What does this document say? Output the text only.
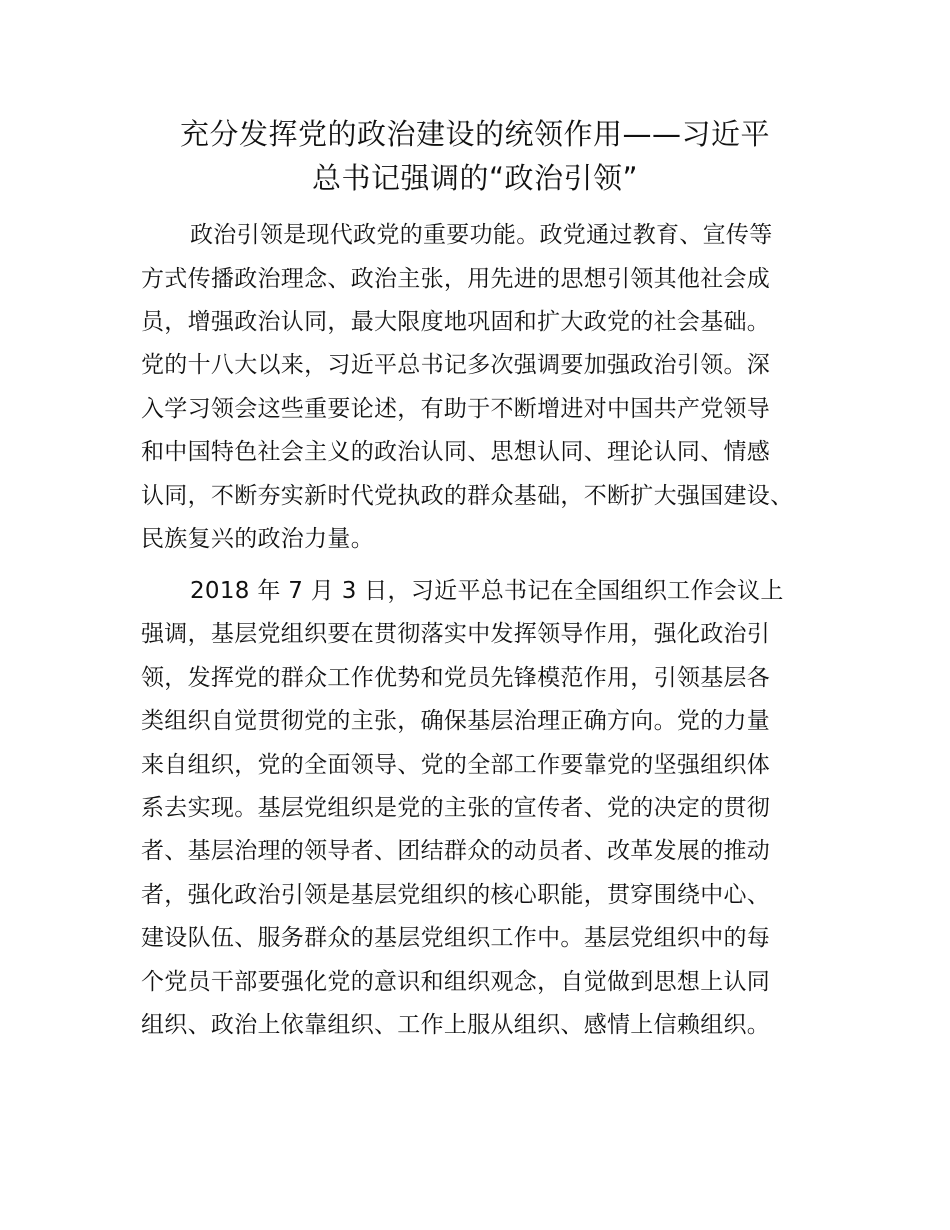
充分发挥党的政治建设的统领作用——习近平
总书记强调的“政治引领”

政治引领是现代政党的重要功能。政党通过教育、宣传等

方式传播政治理念、政治主张，用先进的思想引领其他社会成

员，增强政治认同，最大限度地巩固和扩大政党的社会基础。

党的十八大以来，习近平总书记多次强调要加强政治引领。深

入学习领会这些重要论述，有助于不断增进对中国共产党领导

和中国特色社会主义的政治认同、思想认同、理论认同、情感

认同，不断夯实新时代党执政的群众基础，不断扩大强国建设、

民族复兴的政治力量。

2018 年 7 月 3 日，习近平总书记在全国组织工作会议上

强调，基层党组织要在贯彻落实中发挥领导作用，强化政治引

领，发挥党的群众工作优势和党员先锋模范作用，引领基层各

类组织自觉贯彻党的主张，确保基层治理正确方向。党的力量

来自组织，党的全面领导、党的全部工作要靠党的坚强组织体

系去实现。基层党组织是党的主张的宣传者、党的决定的贯彻

者、基层治理的领导者、团结群众的动员者、改革发展的推动

者，强化政治引领是基层党组织的核心职能，贯穿围绕中心、

建设队伍、服务群众的基层党组织工作中。基层党组织中的每

个党员干部要强化党的意识和组织观念，自觉做到思想上认同

组织、政治上依靠组织、工作上服从组织、感情上信赖组织。
